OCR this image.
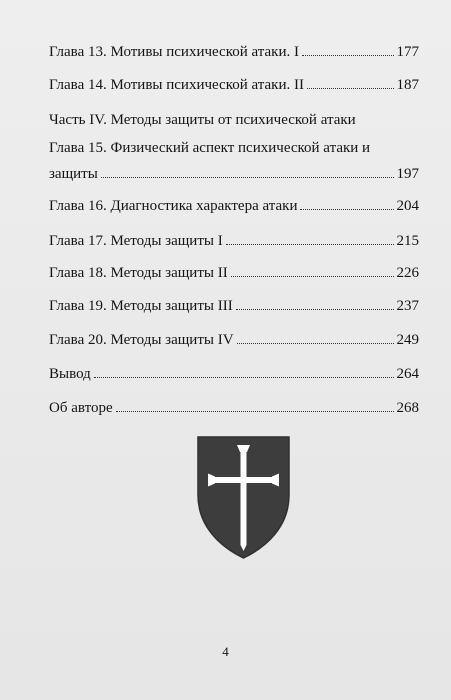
Глава 13. Мотивы психической атаки. I	177
Глава 14. Мотивы психической атаки. II	187
Часть IV. Методы защиты от психической атаки
Глава 15. Физический аспект психической атаки и
защиты	197
Глава 16. Диагностика характера атаки	204
Глава 17. Методы защиты I	215
Глава 18. Методы защиты II	226
Глава 19. Методы защиты III	237
Глава 20. Методы защиты IV	249
Вывод	264
Об авторе	268
4
